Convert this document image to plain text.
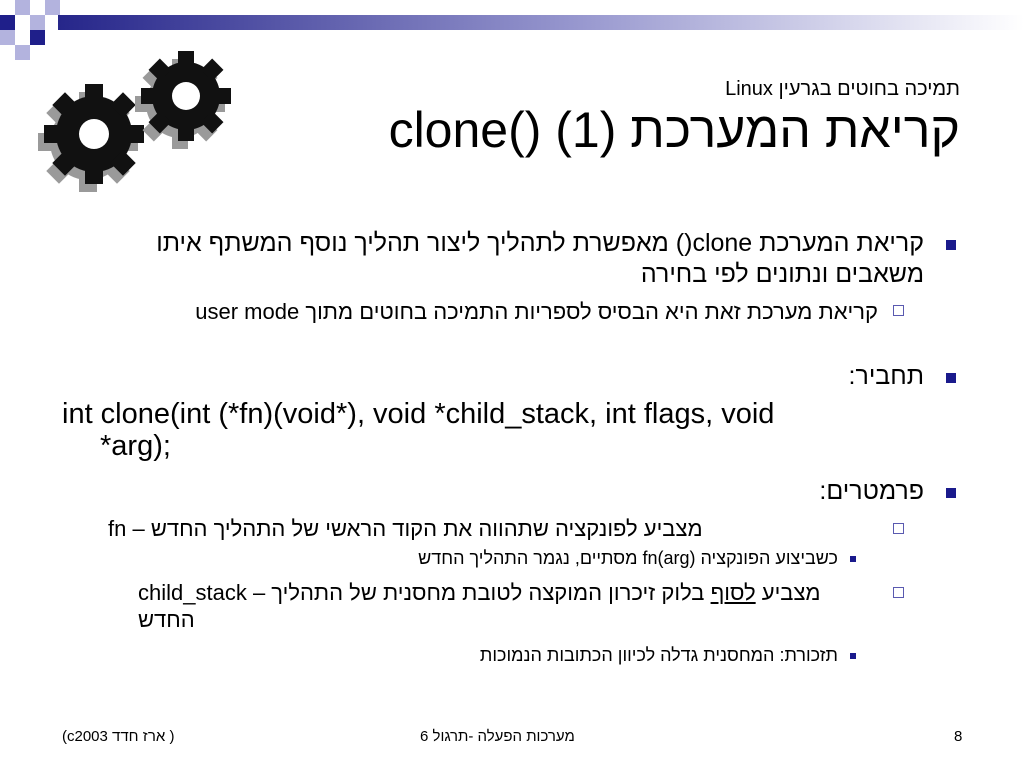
תמיכה בחוטים בגרעין Linux
קריאת המערכת clone() (1)
קריאת המערכת clone() מאפשרת לתהליך ליצור תהליך נוסף המשתף איתו משאבים ונתונים לפי בחירה
קריאת מערכת זאת היא הבסיס לספריות התמיכה בחוטים מתוך user mode
תחביר:
int clone(int (*fn)(void*), void *child_stack, int flags, void
*arg);
פרמטרים:
fn – מצביע לפונקציה שתהווה את הקוד הראשי של התהליך החדש
כשביצוע הפונקציה fn(arg) מסתיים, נגמר התהליך החדש
child_stack – מצביע לסוף בלוק זיכרון המוקצה לטובת מחסנית של התהליך החדש
תזכורת: המחסנית גדלה לכיוון הכתובות הנמוכות
( ארז חדד c2003)	מערכות הפעלה -תרגול 6	8
